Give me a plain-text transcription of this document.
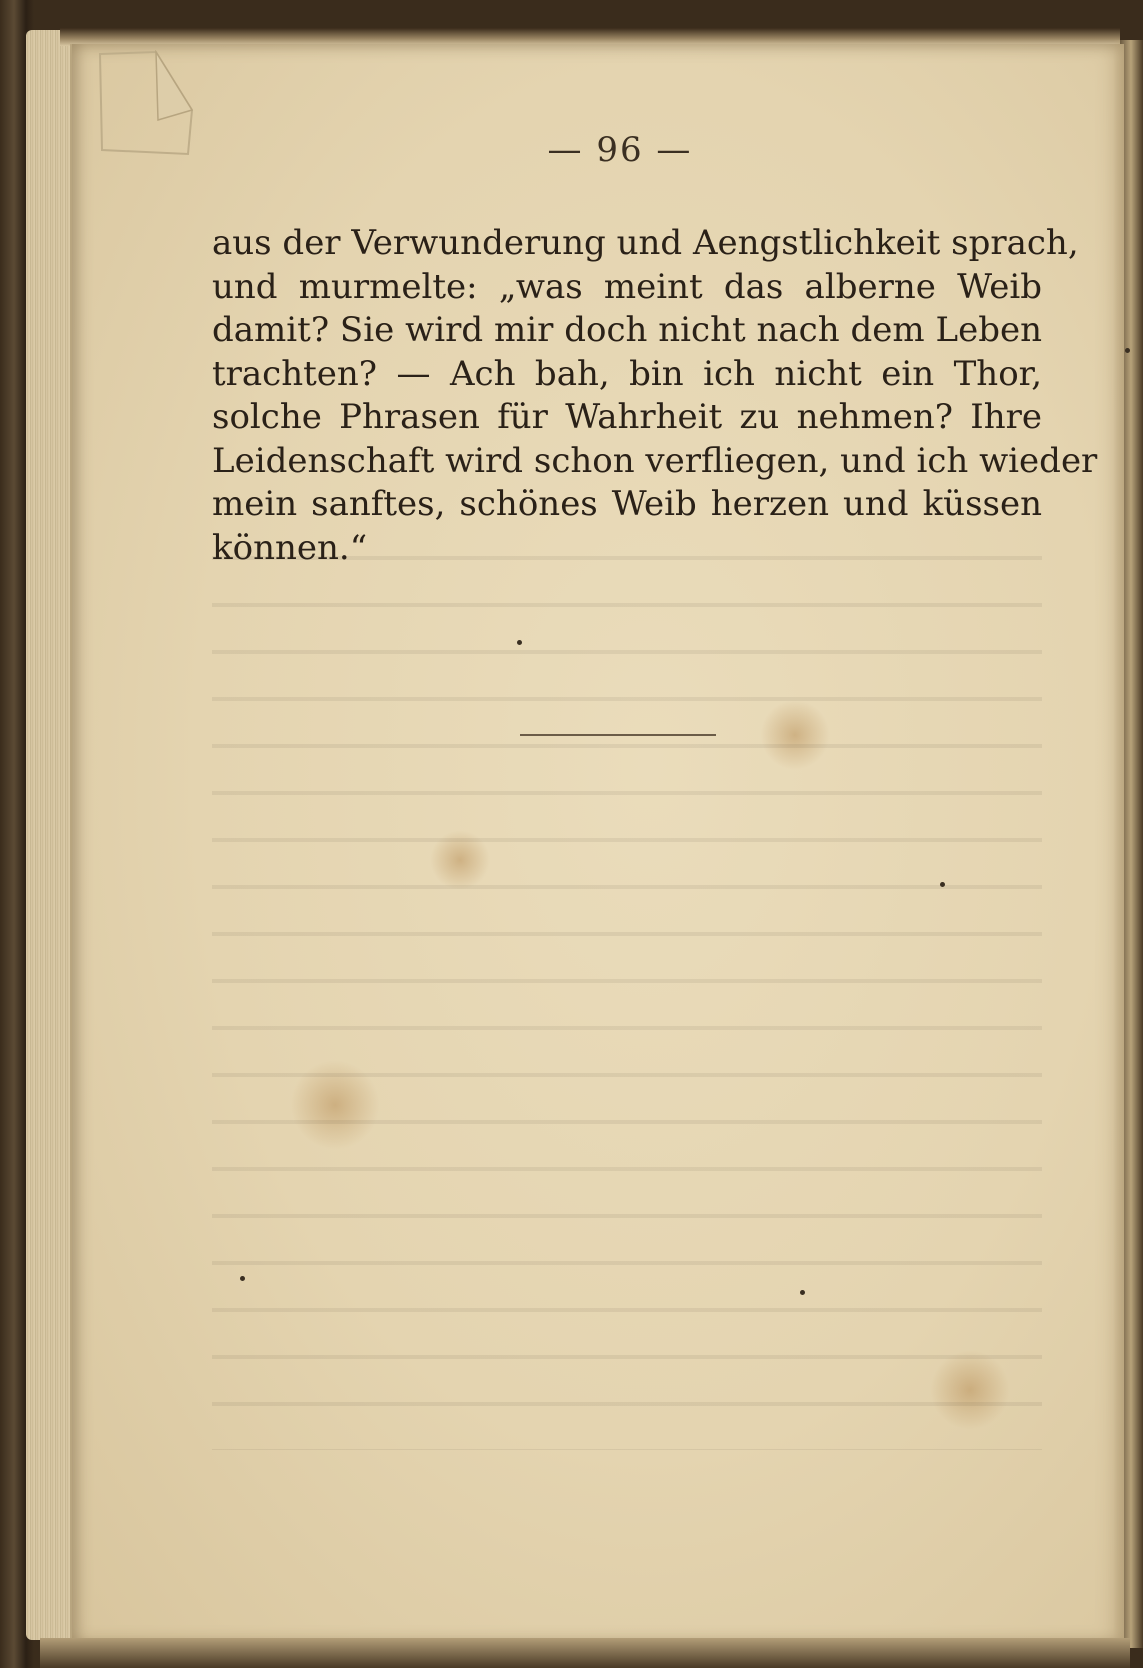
— 96 —
aus der Verwunderung und Aengstlichkeit sprach,
und murmelte: „was meint das alberne Weib
damit? Sie wird mir doch nicht nach dem Leben
trachten? — Ach bah, bin ich nicht ein Thor,
solche Phrasen für Wahrheit zu nehmen? Ihre
Leidenschaft wird schon verfliegen, und ich wieder
mein sanftes, schönes Weib herzen und küssen
können.“
